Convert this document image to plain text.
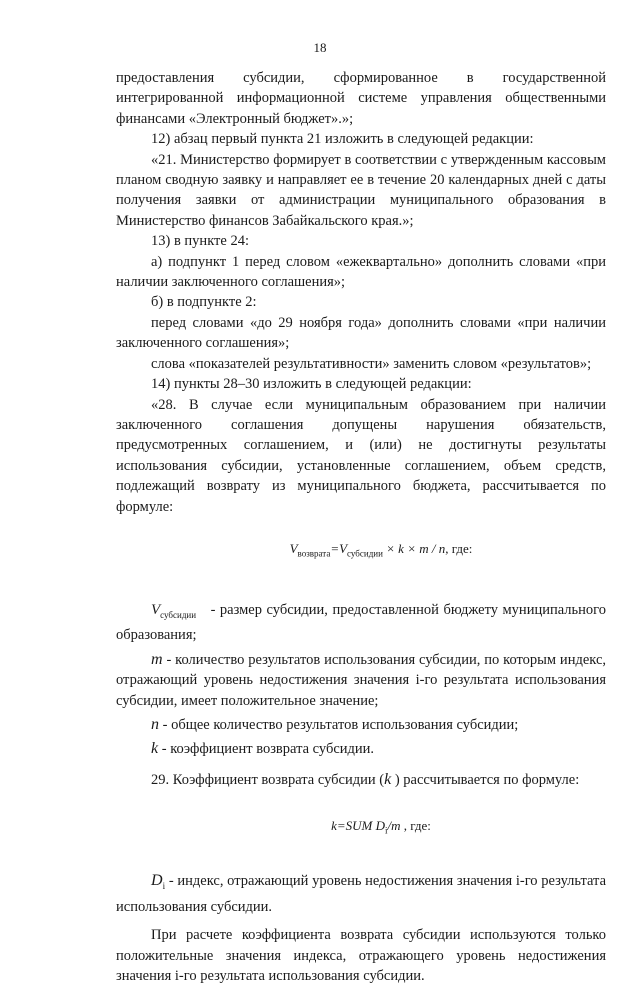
18

предоставления субсидии, сформированное в государственной интегрированной информационной системе управления общественными финансами «Электронный бюджет».»;

12) абзац первый пункта 21 изложить в следующей редакции:

«21. Министерство формирует в соответствии с утвержденным кассовым планом сводную заявку и направляет ее в течение 20 календарных дней с даты получения заявки от администрации муниципального образования в Министерство финансов Забайкальского края.»;

13) в пункте 24:

а) подпункт 1 перед словом «ежеквартально» дополнить словами «при наличии заключенного соглашения»;

б) в подпункте 2:

перед словами «до 29 ноября года» дополнить словами «при наличии заключенного соглашения»;

слова «показателей результативности» заменить словом «результатов»;

14) пункты 28–30 изложить в следующей редакции:

«28. В случае если муниципальным образованием при наличии заключенного соглашения допущены нарушения обязательств, предусмотренных соглашением, и (или) не достигнуты результаты использования субсидии, установленные соглашением, объем средств, подлежащий возврату из муниципального бюджета, рассчитывается по формуле:

$V_{возврата}=V_{субсидии} \times k \times m / n$, где:

$V_{субсидии}$ - размер субсидии, предоставленной бюджету муниципального образования;

m - количество результатов использования субсидии, по которым индекс, отражающий уровень недостижения значения i-го результата использования субсидии, имеет положительное значение;

n - общее количество результатов использования субсидии;

k - коэффициент возврата субсидии.

29. Коэффициент возврата субсидии (k ) рассчитывается по формуле:

k=SUM $D_i/m$ , где:

$D_i$ - индекс, отражающий уровень недостижения значения i-го результата использования субсидии.

При расчете коэффициента возврата субсидии используются только положительные значения индекса, отражающего уровень недостижения значения i-го результата использования субсидии.
